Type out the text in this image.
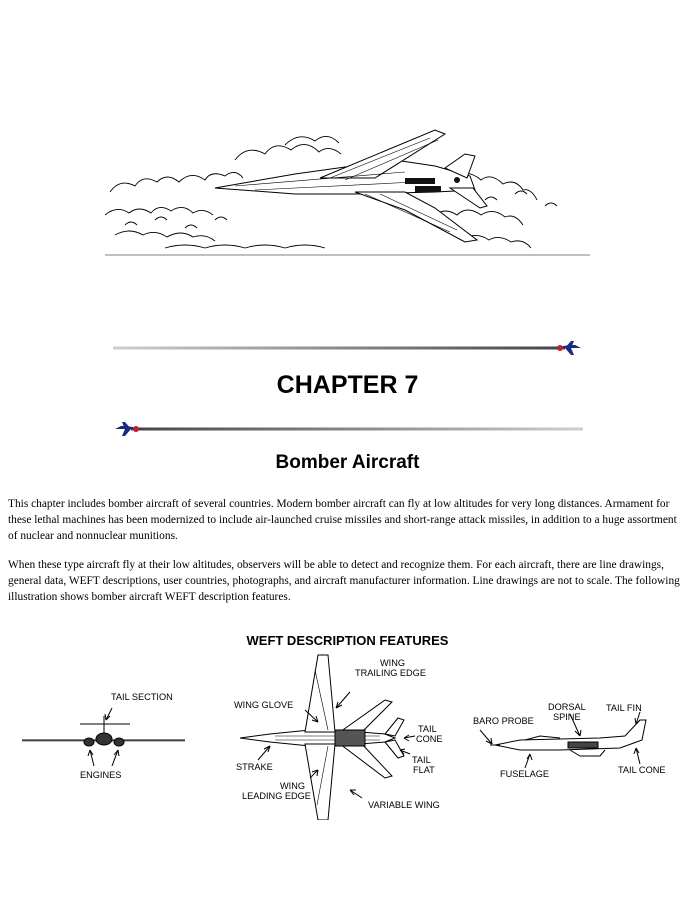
CHAPTER 7
Bomber Aircraft
This chapter includes bomber aircraft of several countries. Modern bomber aircraft can fly at low altitudes for very long distances. Armament for these lethal machines has been modernized to include air-launched cruise missiles and short-range attack missiles, in addition to a huge assortment of nuclear and nonnuclear munitions.
When these type aircraft fly at their low altitudes, observers will be able to detect and recognize them. For each aircraft, there are line drawings, general data, WEFT descriptions, user countries, photographs, and aircraft manufacturer information. Line drawings are not to scale. The following illustration shows bomber aircraft WEFT description features.
WEFT DESCRIPTION FEATURES
TAIL SECTION
ENGINES
WING
TRAILING EDGE
WING GLOVE
TAIL
CONE
STRAKE
TAIL
FLAT
WING
LEADING EDGE
VARIABLE WING
DORSAL
SPINE
TAIL FIN
BARO PROBE
FUSELAGE	TAIL CONE
